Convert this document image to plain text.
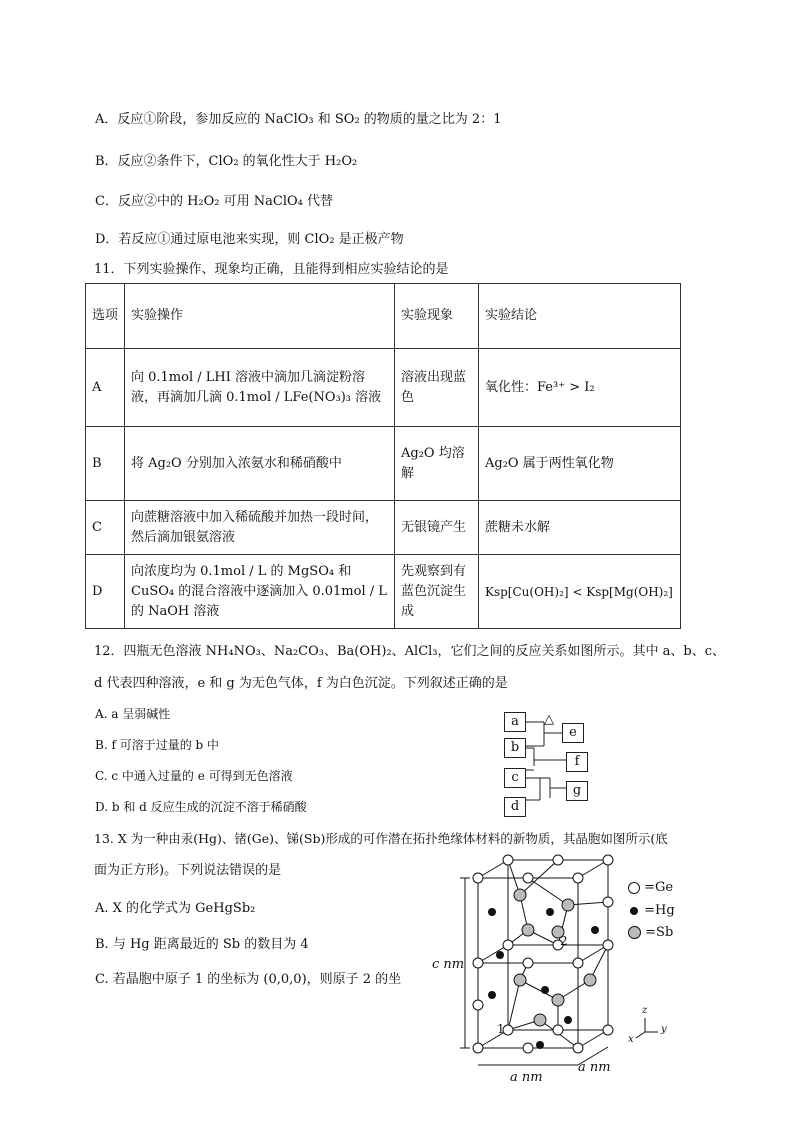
A．反应①阶段，参加反应的 NaClO₃ 和 SO₂ 的物质的量之比为 2：1
B．反应②条件下，ClO₂ 的氧化性大于 H₂O₂
C．反应②中的 H₂O₂ 可用 NaClO₄ 代替
D．若反应①通过原电池来实现，则 ClO₂ 是正极产物
11．下列实验操作、现象均正确，且能得到相应实验结论的是
选项	实验操作	实验现象	实验结论
A	向 0.1mol / LHI 溶液中滴加几滴淀粉溶液，再滴加几滴 0.1mol / LFe(NO₃)₃ 溶液	溶液出现蓝色	氧化性：Fe³⁺ > I₂
B	将 Ag₂O 分别加入浓氨水和稀硝酸中	Ag₂O 均溶解	Ag₂O 属于两性氧化物
C	向蔗糖溶液中加入稀硫酸并加热一段时间，然后滴加银氨溶液	无银镜产生	蔗糖未水解
D	向浓度均为 0.1mol / L 的 MgSO₄ 和 CuSO₄ 的混合溶液中逐滴加入 0.01mol / L 的 NaOH 溶液	先观察到有蓝色沉淀生成	Ksp[Cu(OH)₂] < Ksp[Mg(OH)₂]
12．四瓶无色溶液 NH₄NO₃、Na₂CO₃、Ba(OH)₂、AlCl₃，它们之间的反应关系如图所示。其中 a、b、c、
d 代表四种溶液，e 和 g 为无色气体，f 为白色沉淀。下列叙述正确的是
A. a 呈弱碱性
B. f 可溶于过量的 b 中
C. c 中通入过量的 e 可得到无色溶液
D. b 和 d 反应生成的沉淀不溶于稀硝酸
a
b
c
d
e
f
g
△
13. X 为一种由汞(Hg)、锗(Ge)、锑(Sb)形成的可作潜在拓扑绝缘体材料的新物质，其晶胞如图所示(底
面为正方形)。下列说法错误的是
A. X 的化学式为 GeHgSb₂
B. 与 Hg 距离最近的 Sb 的数目为 4
C. 若晶胞中原子 1 的坐标为 (0,0,0)，则原子 2 的坐
c nm
a nm
a nm
1
2
z
y
x
=Ge
=Hg
=Sb
